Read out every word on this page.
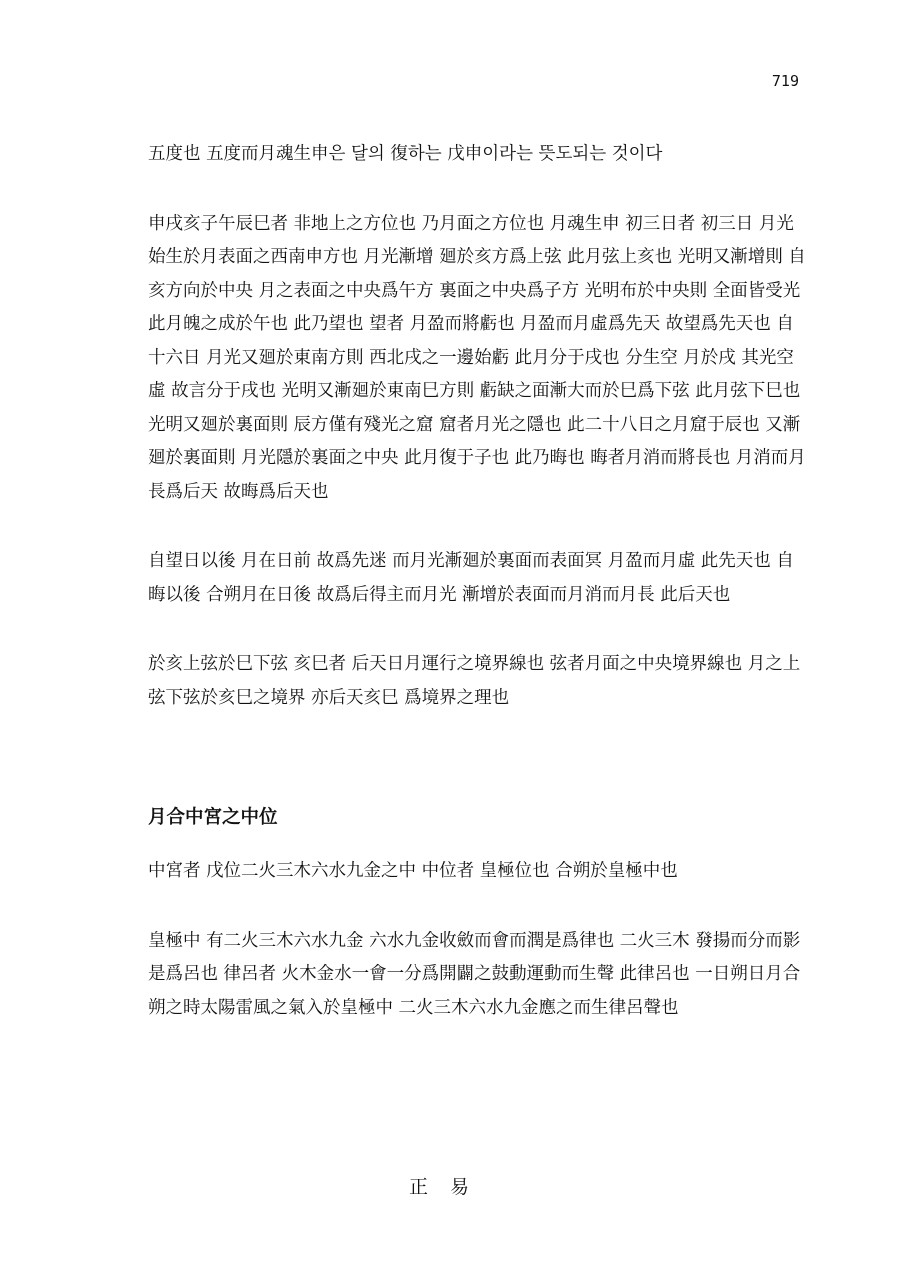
719

五度也 五度而月魂生申은 달의 復하는 戊申이라는 뜻도되는 것이다

申戌亥子午辰巳者 非地上之方位也 乃月面之方位也 月魂生申 初三日者 初三日 月光始生於月表面之西南申方也 月光漸增 廻於亥方爲上弦 此月弦上亥也 光明又漸增則 自亥方向於中央 月之表面之中央爲午方 裏面之中央爲子方 光明布於中央則 全面皆受光 此月魄之成於午也 此乃望也 望者 月盈而將虧也 月盈而月虛爲先天 故望爲先天也 自十六日 月光又廻於東南方則 西北戌之一邊始虧 此月分于戌也 分生空 月於戌 其光空虛 故言分于戌也 光明又漸廻於東南巳方則 虧缺之面漸大而於巳爲下弦 此月弦下巳也 光明又廻於裏面則 辰方僅有殘光之窟 窟者月光之隱也 此二十八日之月窟于辰也 又漸廻於裏面則 月光隱於裏面之中央 此月復于子也 此乃晦也 晦者月消而將長也 月消而月長爲后天 故晦爲后天也

自望日以後 月在日前 故爲先迷 而月光漸廻於裏面而表面冥 月盈而月虛 此先天也 自晦以後 合朔月在日後 故爲后得主而月光 漸增於表面而月消而月長 此后天也

於亥上弦於巳下弦 亥巳者 后天日月運行之境界線也 弦者月面之中央境界線也 月之上弦下弦於亥巳之境界 亦后天亥巳 爲境界之理也

月合中宮之中位

中宮者 戊位二火三木六水九金之中 中位者 皇極位也 合朔於皇極中也

皇極中 有二火三木六水九金 六水九金收斂而會而潤是爲律也 二火三木 發揚而分而影是爲呂也 律呂者 火木金水一會一分爲開闢之鼓動運動而生聲 此律呂也 一日朔日月合朔之時太陽雷風之氣入於皇極中 二火三木六水九金應之而生律呂聲也

正易
